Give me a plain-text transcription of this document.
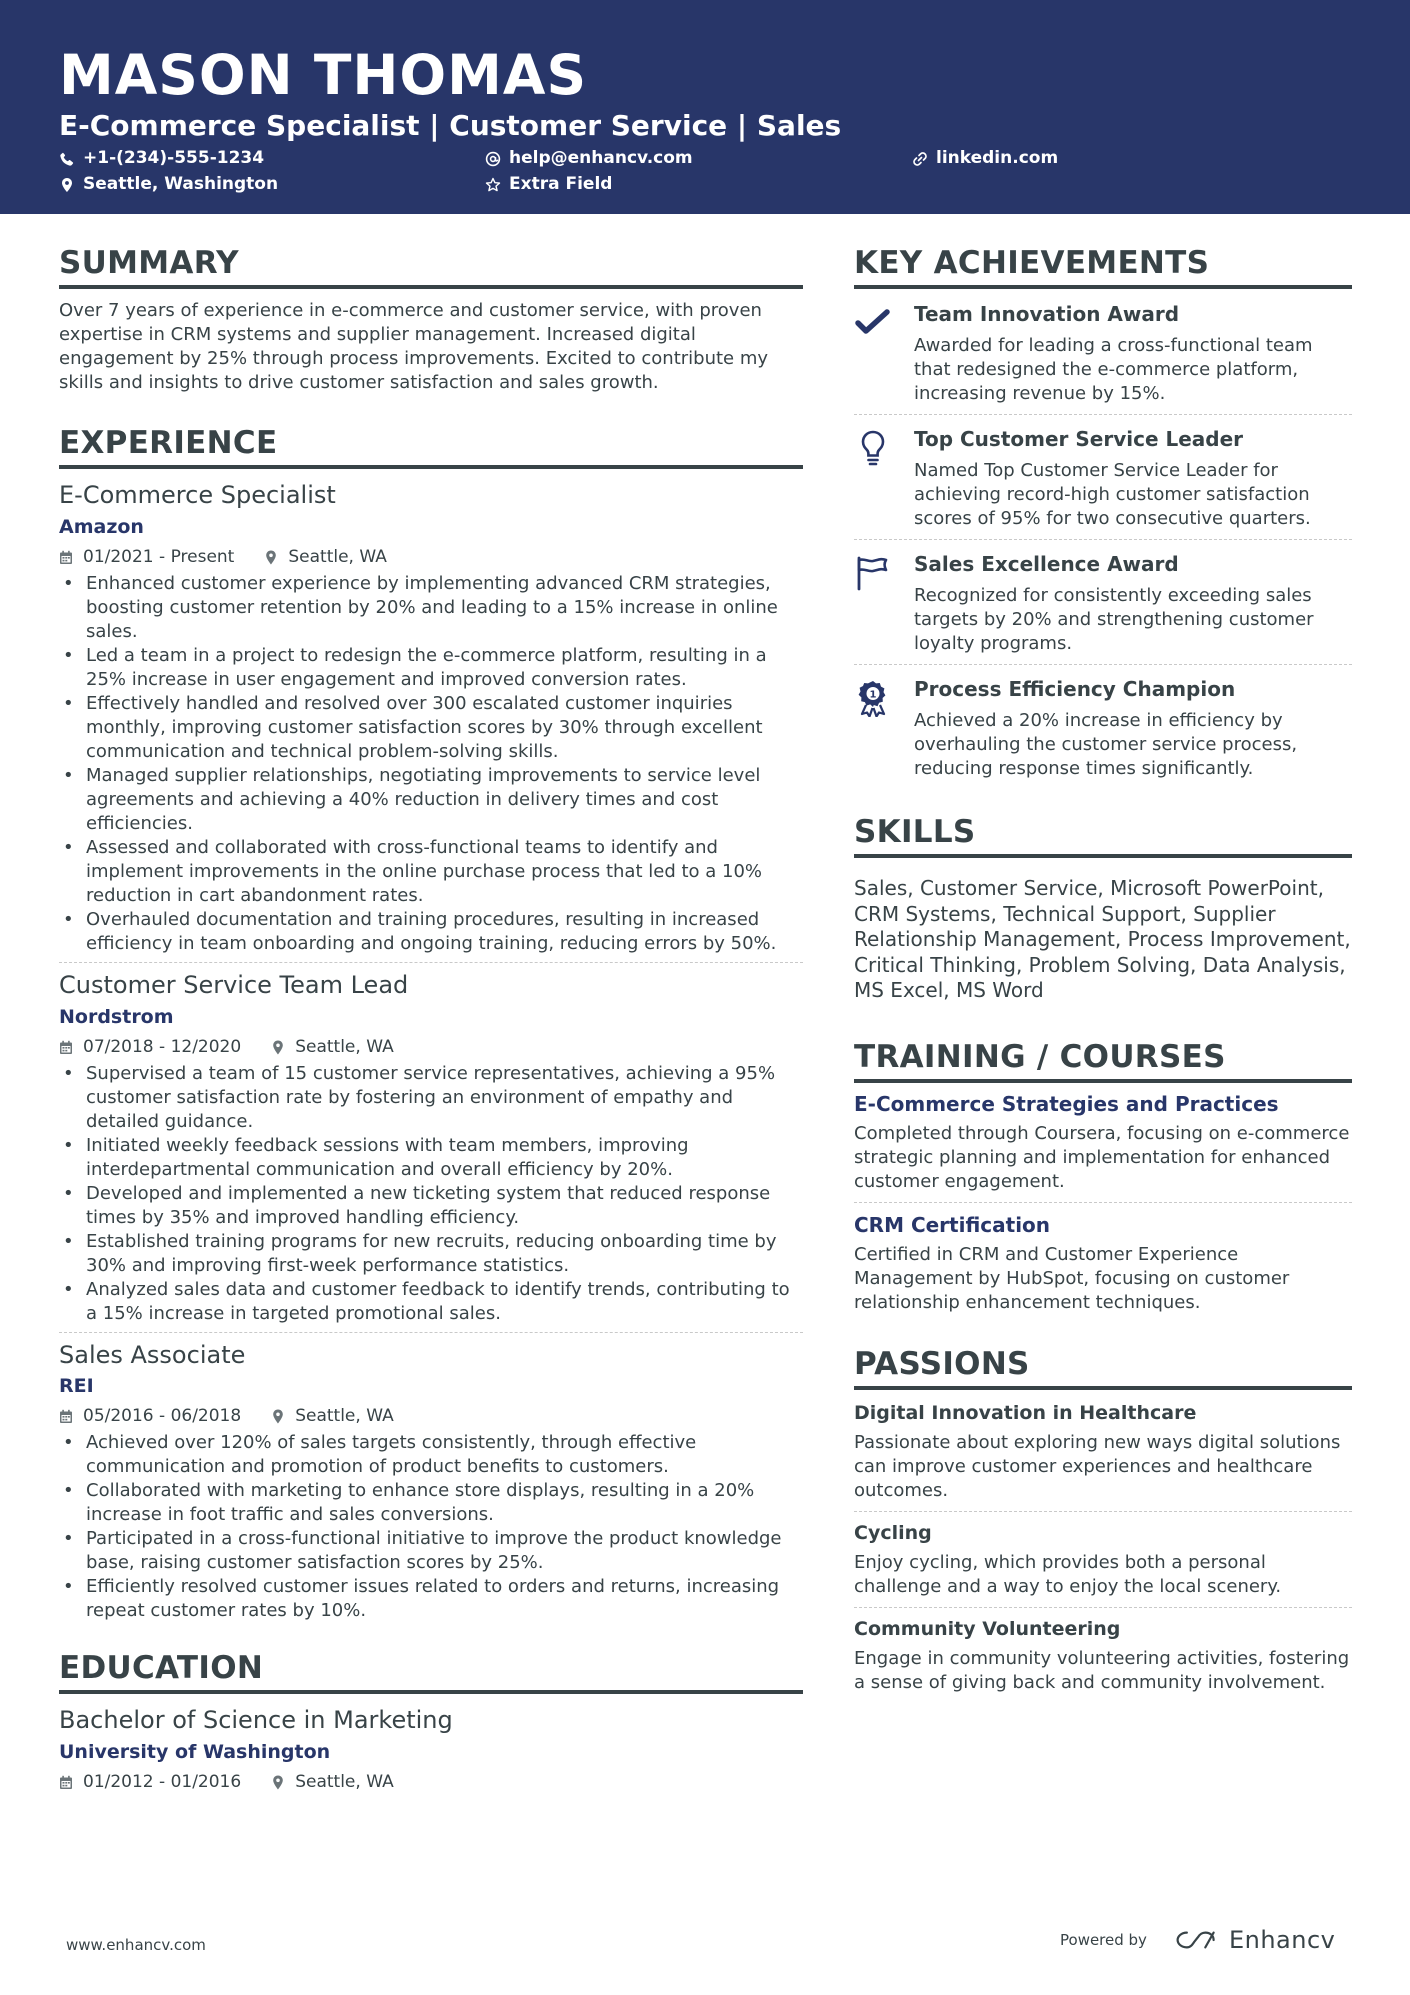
MASON THOMAS
E-Commerce Specialist | Customer Service | Sales
+1-(234)-555-1234	help@enhancv.com	linkedin.com
Seattle, Washington	Extra Field
SUMMARY
Over 7 years of experience in e-commerce and customer service, with proven expertise in CRM systems and supplier management. Increased digital engagement by 25% through process improvements. Excited to contribute my skills and insights to drive customer satisfaction and sales growth.
EXPERIENCE
E-Commerce Specialist
Amazon
01/2021 - Present	Seattle, WA
• Enhanced customer experience by implementing advanced CRM strategies, boosting customer retention by 20% and leading to a 15% increase in online sales.
• Led a team in a project to redesign the e-commerce platform, resulting in a 25% increase in user engagement and improved conversion rates.
• Effectively handled and resolved over 300 escalated customer inquiries monthly, improving customer satisfaction scores by 30% through excellent communication and technical problem-solving skills.
• Managed supplier relationships, negotiating improvements to service level agreements and achieving a 40% reduction in delivery times and cost efficiencies.
• Assessed and collaborated with cross-functional teams to identify and implement improvements in the online purchase process that led to a 10% reduction in cart abandonment rates.
• Overhauled documentation and training procedures, resulting in increased efficiency in team onboarding and ongoing training, reducing errors by 50%.
Customer Service Team Lead
Nordstrom
07/2018 - 12/2020	Seattle, WA
• Supervised a team of 15 customer service representatives, achieving a 95% customer satisfaction rate by fostering an environment of empathy and detailed guidance.
• Initiated weekly feedback sessions with team members, improving interdepartmental communication and overall efficiency by 20%.
• Developed and implemented a new ticketing system that reduced response times by 35% and improved handling efficiency.
• Established training programs for new recruits, reducing onboarding time by 30% and improving first-week performance statistics.
• Analyzed sales data and customer feedback to identify trends, contributing to a 15% increase in targeted promotional sales.
Sales Associate
REI
05/2016 - 06/2018	Seattle, WA
• Achieved over 120% of sales targets consistently, through effective communication and promotion of product benefits to customers.
• Collaborated with marketing to enhance store displays, resulting in a 20% increase in foot traffic and sales conversions.
• Participated in a cross-functional initiative to improve the product knowledge base, raising customer satisfaction scores by 25%.
• Efficiently resolved customer issues related to orders and returns, increasing repeat customer rates by 10%.
EDUCATION
Bachelor of Science in Marketing
University of Washington
01/2012 - 01/2016	Seattle, WA
KEY ACHIEVEMENTS
Team Innovation Award
Awarded for leading a cross-functional team that redesigned the e-commerce platform, increasing revenue by 15%.
Top Customer Service Leader
Named Top Customer Service Leader for achieving record-high customer satisfaction scores of 95% for two consecutive quarters.
Sales Excellence Award
Recognized for consistently exceeding sales targets by 20% and strengthening customer loyalty programs.
1 Process Efficiency Champion
Achieved a 20% increase in efficiency by overhauling the customer service process, reducing response times significantly.
SKILLS
Sales, Customer Service, Microsoft PowerPoint, CRM Systems, Technical Support, Supplier Relationship Management, Process Improvement, Critical Thinking, Problem Solving, Data Analysis, MS Excel, MS Word
TRAINING / COURSES
E-Commerce Strategies and Practices
Completed through Coursera, focusing on e-commerce strategic planning and implementation for enhanced customer engagement.
CRM Certification
Certified in CRM and Customer Experience Management by HubSpot, focusing on customer relationship enhancement techniques.
PASSIONS
Digital Innovation in Healthcare
Passionate about exploring new ways digital solutions can improve customer experiences and healthcare outcomes.
Cycling
Enjoy cycling, which provides both a personal challenge and a way to enjoy the local scenery.
Community Volunteering
Engage in community volunteering activities, fostering a sense of giving back and community involvement.
www.enhancv.com	Powered by	Enhancv
